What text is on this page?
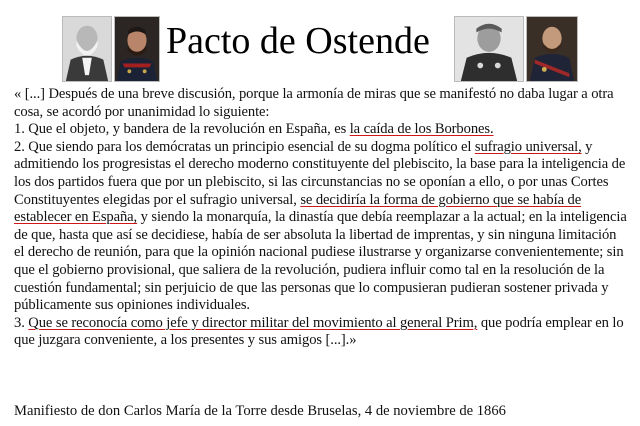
Pacto de Ostende

« [...] Después de una breve discusión, porque la armonía de miras que se manifestó no daba lugar a otra cosa, se acordó por unanimidad lo siguiente:

1. Que el objeto, y bandera de la revolución en España, es la caída de los Borbones.

2. Que siendo para los demócratas un principio esencial de su dogma político el sufragio universal, y admitiendo los progresistas el derecho moderno constituyente del plebiscito, la base para la inteligencia de los dos partidos fuera que por un plebiscito, si las circunstancias no se oponían a ello, o por unas Cortes Constituyentes elegidas por el sufragio universal, se decidiría la forma de gobierno que se había de establecer en España, y siendo la monarquía, la dinastía que debía reemplazar a la actual; en la inteligencia de que, hasta que así se decidiese, había de ser absoluta la libertad de imprentas, y sin ninguna limitación el derecho de reunión, para que la opinión nacional pudiese ilustrarse y organizarse convenientemente; sin que el gobierno provisional, que saliera de la revolución, pudiera influir como tal en la resolución de la cuestión fundamental; sin perjuicio de que las personas que lo compusieran pudieran sostener privada y públicamente sus opiniones individuales.

3. Que se reconocía como jefe y director militar del movimiento al general Prim, que podría emplear en lo que juzgara conveniente, a los presentes y sus amigos [...].»

Manifiesto de don Carlos María de la Torre desde Bruselas, 4 de noviembre de 1866
